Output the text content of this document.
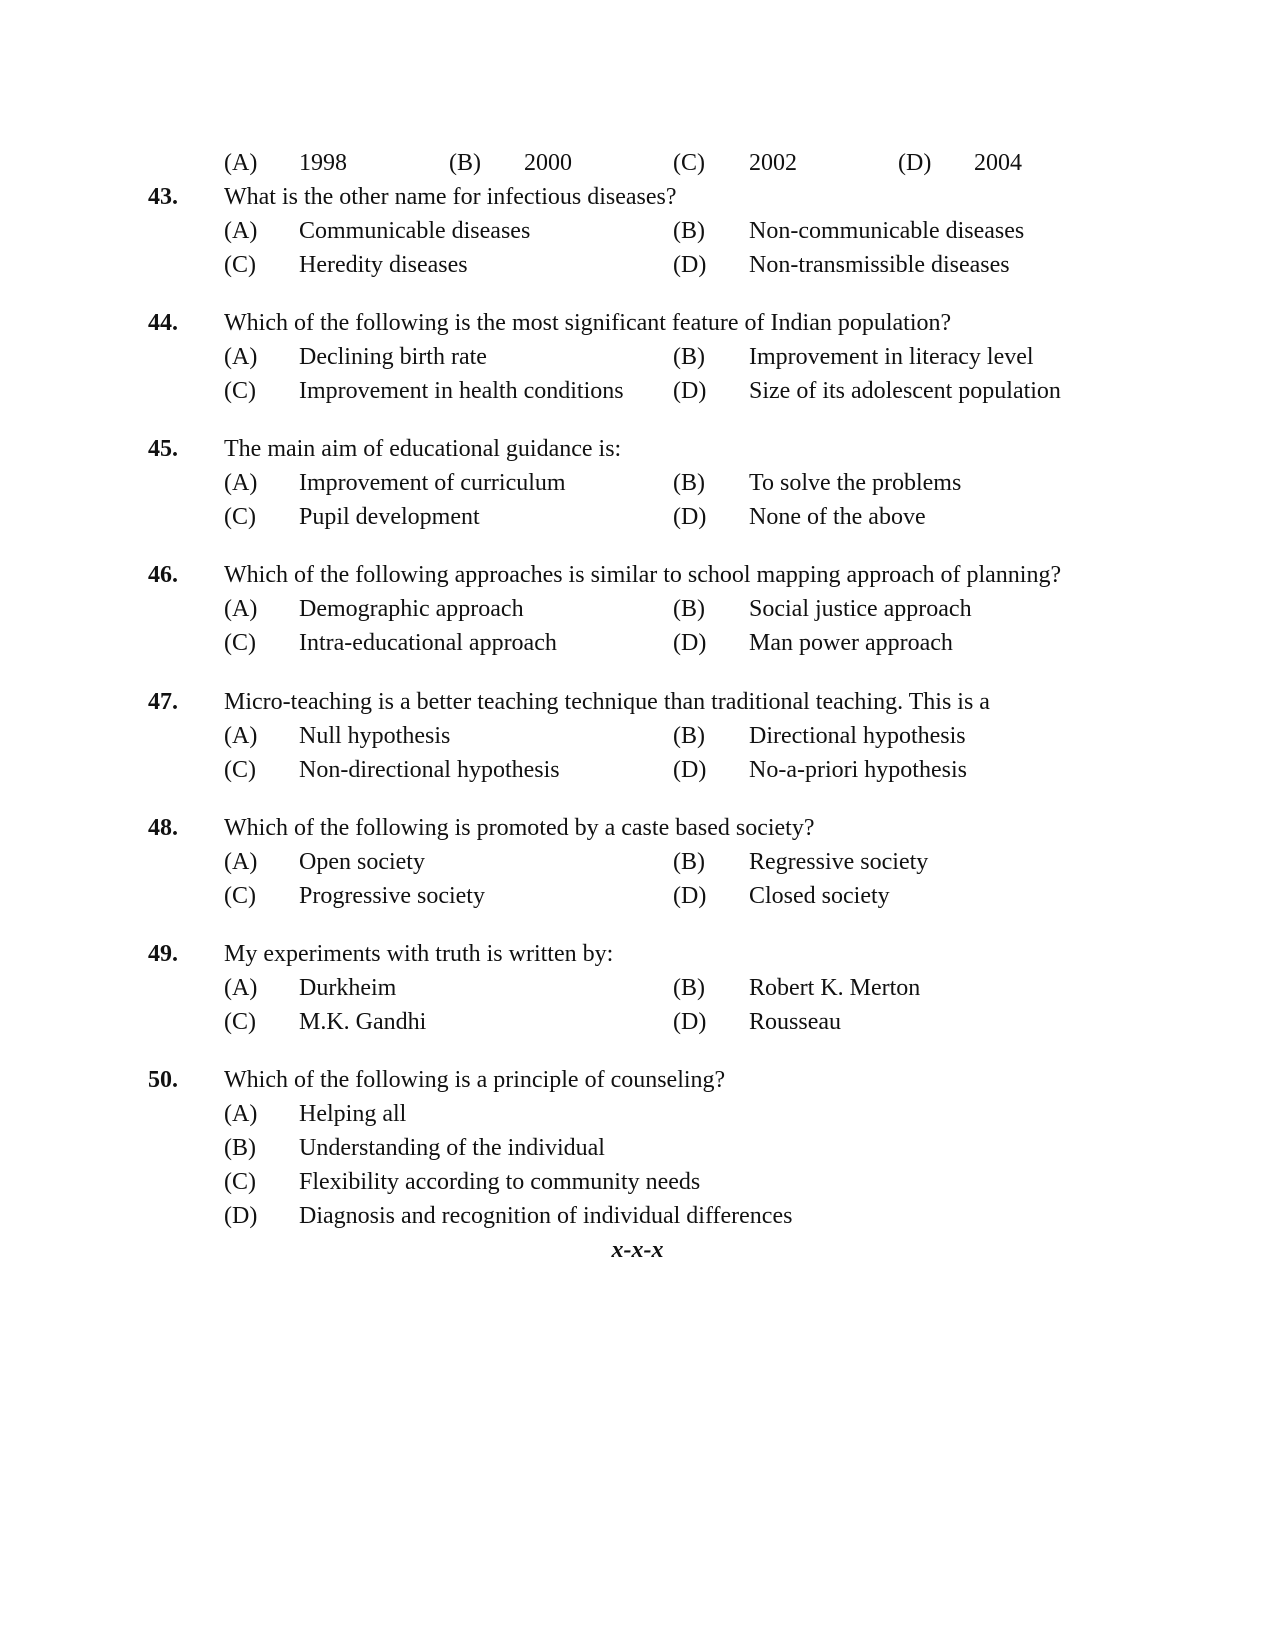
(A) 1998	(B) 2000	(C) 2002	(D) 2004
43. What is the other name for infectious diseases?
(A) Communicable diseases	(B) Non-communicable diseases
(C) Heredity diseases	(D) Non-transmissible diseases
44. Which of the following is the most significant feature of Indian population?
(A) Declining birth rate	(B) Improvement in literacy level
(C) Improvement in health conditions (D) Size of its adolescent population
45. The main aim of educational guidance is:
(A) Improvement of curriculum	(B) To solve the problems
(C) Pupil development	(D) None of the above
46. Which of the following approaches is similar to school mapping approach of planning?
(A) Demographic approach	(B) Social justice approach
(C) Intra-educational approach	(D) Man power approach
47. Micro-teaching is a better teaching technique than traditional teaching. This is a
(A) Null hypothesis	(B) Directional hypothesis
(C) Non-directional hypothesis	(D) No-a-priori hypothesis
48. Which of the following is promoted by a caste based society?
(A) Open society	(B) Regressive society
(C) Progressive society	(D) Closed society
49. My experiments with truth is written by:
(A) Durkheim	(B) Robert K. Merton
(C) M.K. Gandhi	(D) Rousseau
50. Which of the following is a principle of counseling?
(A) Helping all
(B) Understanding of the individual
(C) Flexibility according to community needs
(D) Diagnosis and recognition of individual differences
x-x-x
